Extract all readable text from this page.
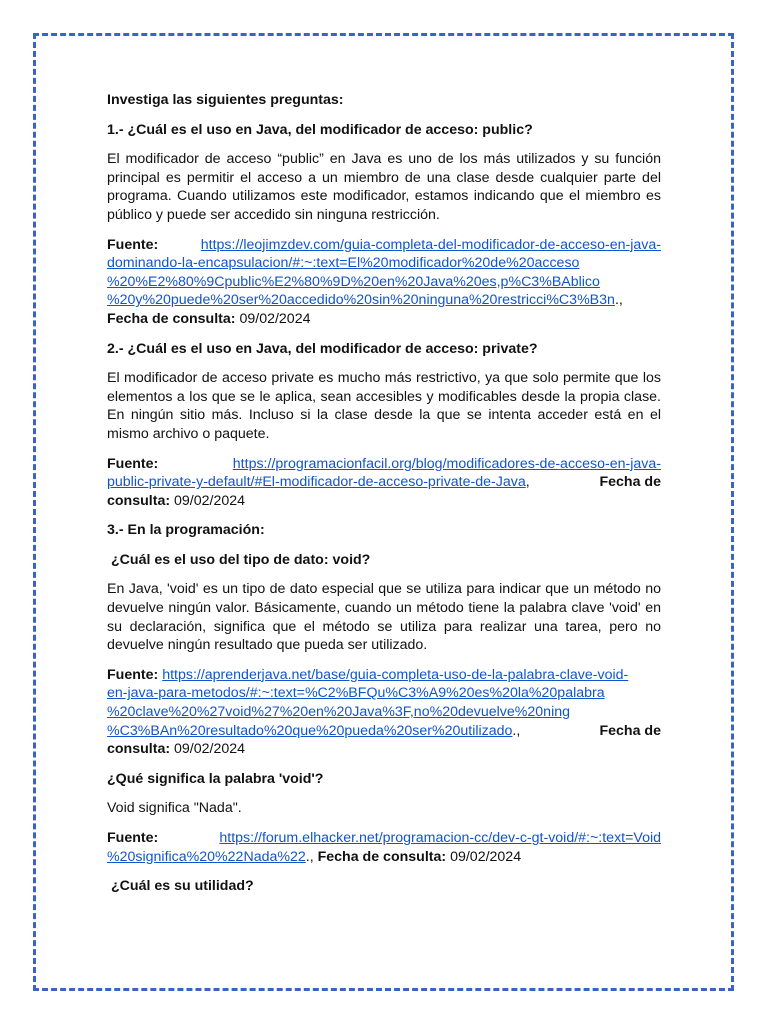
Investiga las siguientes preguntas:

1.- ¿Cuál es el uso en Java, del modificador de acceso: public?

El modificador de acceso “public” en Java es uno de los más utilizados y su función principal es permitir el acceso a un miembro de una clase desde cualquier parte del programa. Cuando utilizamos este modificador, estamos indicando que el miembro es público y puede ser accedido sin ninguna restricción.

Fuente:	https://leojimzdev.com/guia-completa-del-modificador-de-acceso-en-java-
dominando-la-encapsulacion/#:~:text=El%20modificador%20de%20acceso
%20%E2%80%9Cpublic%E2%80%9D%20en%20Java%20es,p%C3%BAblico
%20y%20puede%20ser%20accedido%20sin%20ninguna%20restricci%C3%B3n.,
Fecha de consulta: 09/02/2024

2.- ¿Cuál es el uso en Java, del modificador de acceso: private?

El modificador de acceso private es mucho más restrictivo, ya que solo permite que los elementos a los que se le aplica, sean accesibles y modificables desde la propia clase. En ningún sitio más. Incluso si la clase desde la que se intenta acceder está en el mismo archivo o paquete.

Fuente:	https://programacionfacil.org/blog/modificadores-de-acceso-en-java-
public-private-y-default/#El-modificador-de-acceso-private-de-Java,	Fecha de
consulta: 09/02/2024

3.- En la programación:

¿Cuál es el uso del tipo de dato: void?

En Java, 'void' es un tipo de dato especial que se utiliza para indicar que un método no devuelve ningún valor. Básicamente, cuando un método tiene la palabra clave 'void' en su declaración, significa que el método se utiliza para realizar una tarea, pero no devuelve ningún resultado que pueda ser utilizado.

Fuente: https://aprenderjava.net/base/guia-completa-uso-de-la-palabra-clave-void-
en-java-para-metodos/#:~:text=%C2%BFQu%C3%A9%20es%20la%20palabra
%20clave%20%27void%27%20en%20Java%3F,no%20devuelve%20ning
%C3%BAn%20resultado%20que%20pueda%20ser%20utilizado.,	Fecha de
consulta: 09/02/2024

¿Qué significa la palabra 'void'?

Void significa "Nada".

Fuente:	https://forum.elhacker.net/programacion-cc/dev-c-gt-void/#:~:text=Void
%20significa%20%22Nada%22., Fecha de consulta: 09/02/2024

¿Cuál es su utilidad?
